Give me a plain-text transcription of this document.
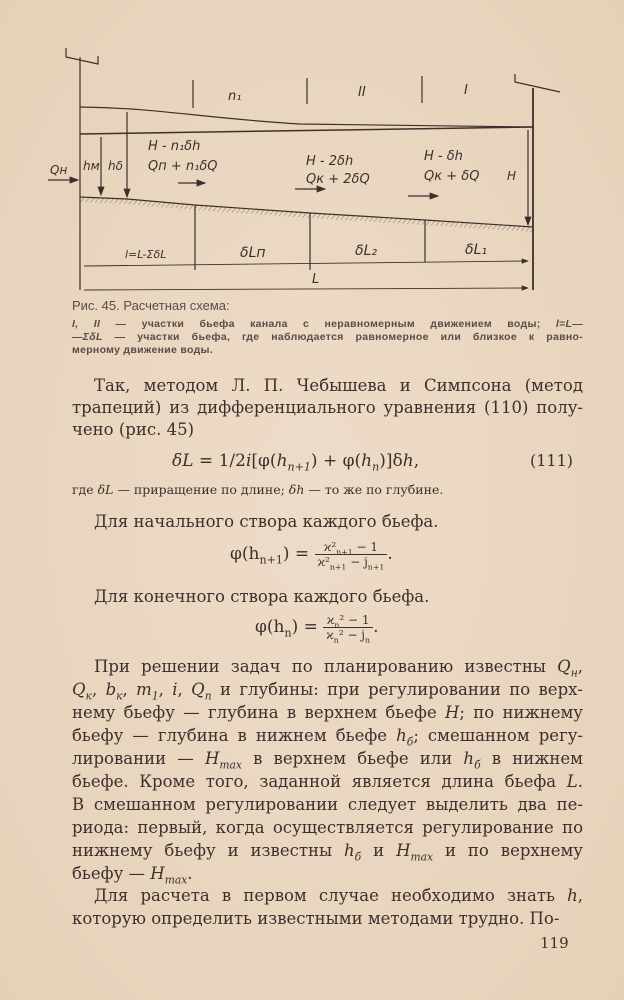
n₁	II	I
Qн hм hδ
H
H - n₁δh
Qп + n₁δQ	H - 2δh
Qк + 2δQ
H - δh
Qк + δQ
l=L-ΣδL	δLп	δL₂	δL₁
L
Рис. 45. Расчетная схема:
I, II — участки бьефа канала с неравномерным движением воды; l=L—
—ΣδL — участки бьефа, где наблюдается равномерное или близкое к равно-
мерному движение воды.
Так, методом Л. П. Чебышева и Симпсона (метод
трапеций) из дифференциального уравнения (110) полу-
чено (рис. 45)
$\delta L = 1/2i[\varphi(h_{n+1}) + \varphi(h_n)]\delta h$,	(111)
где δL — приращение по длине; δh — то же по глубине.
Для начального створа каждого бьефа.
$\varphi(h_{n+1}) = \frac{ϰ^2_{n+1} - 1}{ϰ^2_{n+1} - j_{n+1}}$ .
Для конечного створа каждого бьефа.
$\varphi(h_n) = \frac{ϰ_n^2 - 1}{ϰ_n^2 - j_n}$ .
При решении задач по планированию известны $Q_н$,
$Q_к$, $b_к$, $m_1$, i, $Q_n$ и глубины: при регулировании по верх-
нему бьефу — глубина в верхнем бьефе H; по нижнему
бьефу — глубина в нижнем бьефе $h_б$; смешанном регу-
лировании — $H_{max}$ в верхнем бьефе или $h_б$ в нижнем
бьефе. Кроме того, заданной является длина бьефа L.
В смешанном регулировании следует выделить два пе-
риода: первый, когда осуществляется регулирование по
нижнему бьефу и известны $h_б$ и $H_{max}$ и по верхнему
бьефу — $H_{max}$.
Для расчета в первом случае необходимо знать h,
которую определить известными методами трудно. По-
119
